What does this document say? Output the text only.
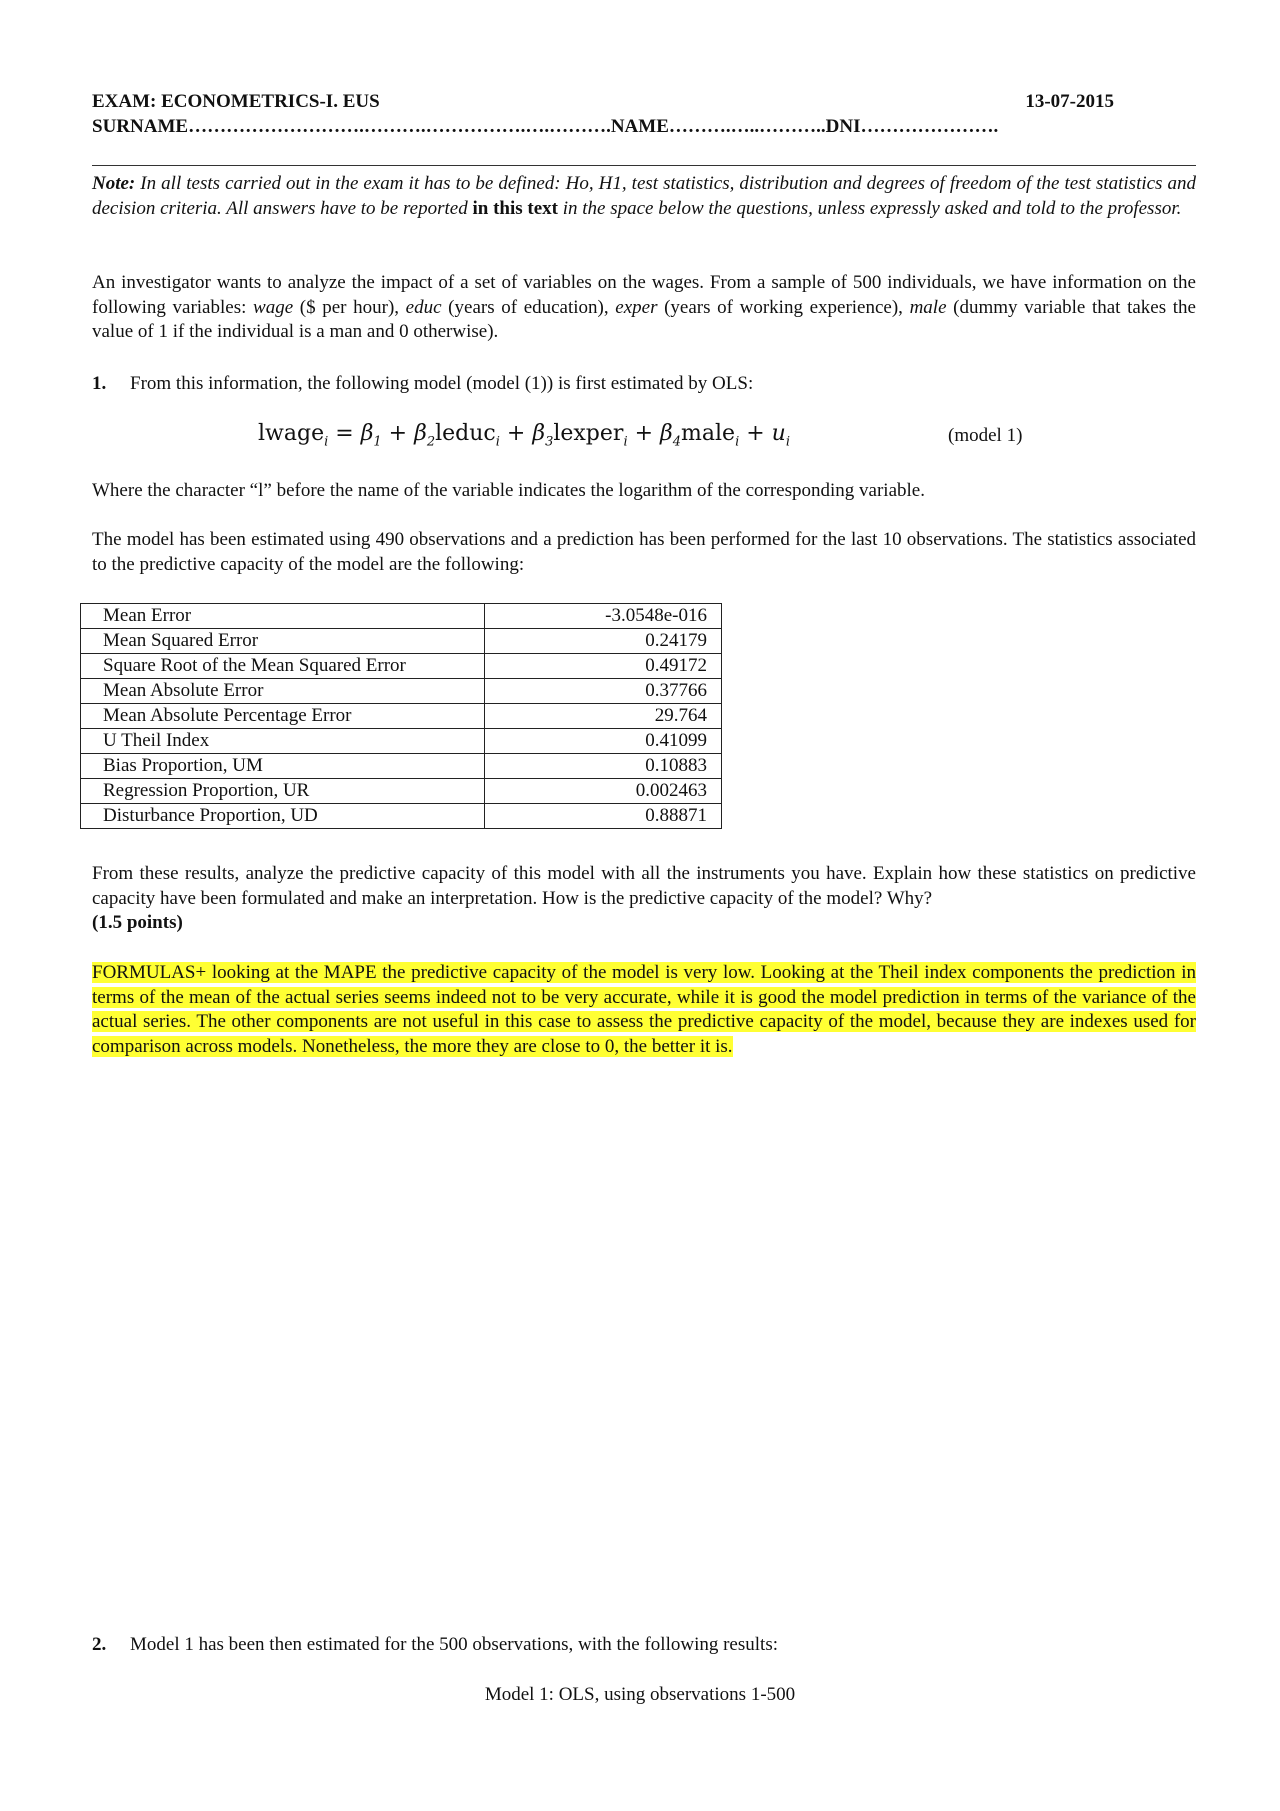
EXAM: ECONOMETRICS-I. EUS	13-07-2015
SURNAME ……………………….……….…………….….………. NAME ……….…..………. .DNI ………………….
Note: In all tests carried out in the exam it has to be defined: Ho, H1, test statistics, distribution and degrees of freedom of the test statistics and decision criteria. All answers have to be reported in this text in the space below the questions, unless expressly asked and told to the professor.
An investigator wants to analyze the impact of a set of variables on the wages. From a sample of 500 individuals, we have information on the following variables: wage ($ per hour), educ (years of education), exper (years of working experience), male (dummy variable that takes the value of 1 if the individual is a man and 0 otherwise).
1. From this information, the following model (model (1)) is first estimated by OLS:
lwage$_i$ = $\beta_1$ + $\beta_2leduc_i$ + $\beta_3lexper_i$ + $\beta_4male_i + u_i$	(model 1)
Where the character “l” before the name of the variable indicates the logarithm of the corresponding variable.
The model has been estimated using 490 observations and a prediction has been performed for the last 10 observations. The statistics associated to the predictive capacity of the model are the following:
Mean Error	-3.0548e-016
Mean Squared Error	0.24179
Square Root of the Mean Squared Error	0.49172
Mean Absolute Error	0.37766
Mean Absolute Percentage Error	29.764
U Theil Index	0.41099
Bias Proportion, UM	0.10883
Regression Proportion, UR	0.002463
Disturbance Proportion, UD	0.88871
From these results, analyze the predictive capacity of this model with all the instruments you have. Explain how these statistics on predictive capacity have been formulated and make an interpretation. How is the predictive capacity of the model? Why?
(1.5 points)
FORMULAS+ looking at the MAPE the predictive capacity of the model is very low. Looking at the Theil index components the prediction in terms of the mean of the actual series seems indeed not to be very accurate, while it is good the model prediction in terms of the variance of the actual series. The other components are not useful in this case to assess the predictive capacity of the model, because they are indexes used for comparison across models. Nonetheless, the more they are close to 0, the better it is.
2. Model 1 has been then estimated for the 500 observations, with the following results:
Model 1: OLS, using observations 1-500
